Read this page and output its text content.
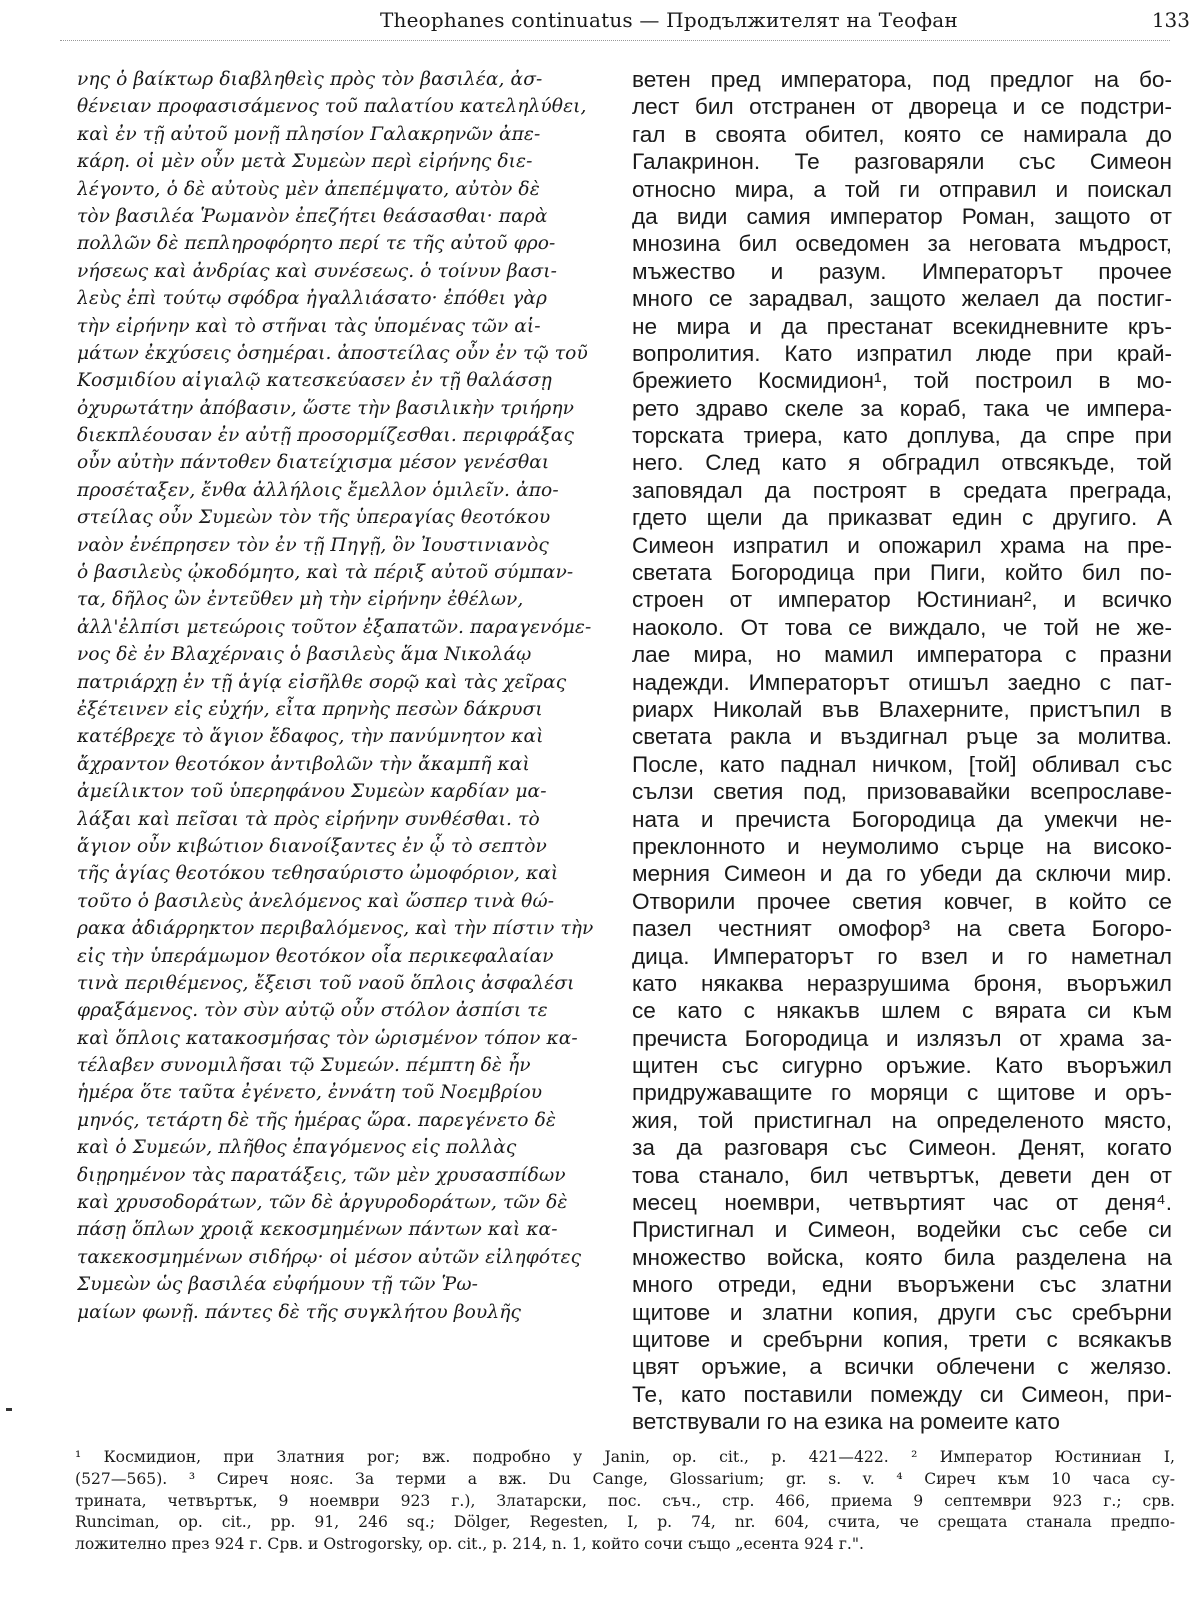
Theophanes continuatus — Продължителят на Теофан	133
νης ὁ βαίκτωρ διαβληθεὶς πρὸς τὸν βασιλέα, ἀσ-
θένειαν προφασισάμενος τοῦ παλατίου κατεληλύθει,
καὶ ἐν τῇ αὐτοῦ μονῇ πλησίον Γαλακρηνῶν ἀπε-
κάρη. οἱ μὲν οὖν μετὰ Συμεὼν περὶ εἰρήνης διε-
λέγοντο, ὁ δὲ αὐτοὺς μὲν ἀπεπέμψατο, αὐτὸν δὲ
τὸν βασιλέα Ῥωμανὸν ἐπεζήτει θεάσασθαι· παρὰ
πολλῶν δὲ πεπληροφόρητο περί τε τῆς αὐτοῦ φρο-
νήσεως καὶ ἀνδρίας καὶ συνέσεως. ὁ τοίνυν βασι-
λεὺς ἐπὶ τούτῳ σφόδρα ἠγαλλιάσατο· ἐπόθει γὰρ
τὴν εἰρήνην καὶ τὸ στῆναι τὰς ὑπομένας τῶν αἱ-
μάτων ἐκχύσεις ὁσημέραι. ἀποστείλας οὖν ἐν τῷ τοῦ
Κοσμιδίου αἰγιαλῷ κατεσκεύασεν ἐν τῇ θαλάσσῃ
ὀχυρωτάτην ἀπόβασιν, ὥστε τὴν βασιλικὴν τριήρην
διεκπλέουσαν ἐν αὐτῇ προσορμίζεσθαι. περιφράξας
οὖν αὐτὴν πάντοθεν διατείχισμα μέσον γενέσθαι
προσέταξεν, ἔνθα ἀλλήλοις ἔμελλον ὁμιλεῖν. ἀπο-
στείλας οὖν Συμεὼν τὸν τῆς ὑπεραγίας θεοτόκου
ναὸν ἐνέπρησεν τὸν ἐν τῇ Πηγῇ, ὃν Ἰουστινιανὸς
ὁ βασιλεὺς ᾠκοδόμητο, καὶ τὰ πέριξ αὐτοῦ σύμπαν-
τα, δῆλος ὢν ἐντεῦθεν μὴ τὴν εἰρήνην ἐθέλων,
ἀλλ'ἐλπίσι μετεώροις τοῦτον ἐξαπατῶν. παραγενόμε-
νος δὲ ἐν Βλαχέρναις ὁ βασιλεὺς ἅμα Νικολάῳ
πατριάρχῃ ἐν τῇ ἁγίᾳ εἰσῆλθε σορῷ καὶ τὰς χεῖρας
ἐξέτεινεν εἰς εὐχήν, εἶτα πρηνὴς πεσὼν δάκρυσι
κατέβρεχε τὸ ἅγιον ἔδαφος, τὴν πανύμνητον καὶ
ἄχραντον θεοτόκον ἀντιβολῶν τὴν ἄκαμπῆ καὶ
ἀμείλικτον τοῦ ὑπερηφάνου Συμεὼν καρδίαν μα-
λάξαι καὶ πεῖσαι τὰ πρὸς εἰρήνην συνθέσθαι. τὸ
ἅγιον οὖν κιβώτιον διανοίξαντες ἐν ᾧ τὸ σεπτὸν
τῆς ἁγίας θεοτόκου τεθησαύριστο ὠμοφόριον, καὶ
τοῦτο ὁ βασιλεὺς ἀνελόμενος καὶ ὥσπερ τινὰ θώ-
ρακα ἀδιάρρηκτον περιβαλόμενος, καὶ τὴν πίστιν τὴν
εἰς τὴν ὑπεράμωμον θεοτόκον οἷα περικεφαλαίαν
τινὰ περιθέμενος, ἔξεισι τοῦ ναοῦ ὅπλοις ἀσφαλέσι
φραξάμενος. τὸν σὺν αὐτῷ οὖν στόλον ἀσπίσι τε
καὶ ὅπλοις κατακοσμήσας τὸν ὡρισμένον τόπον κα-
τέλαβεν συνομιλῆσαι τῷ Συμεών. πέμπτη δὲ ἦν
ἡμέρα ὅτε ταῦτα ἐγένετο, ἐννάτη τοῦ Νοεμβρίου
μηνός, τετάρτη δὲ τῆς ἡμέρας ὥρα. παρεγένετο δὲ
καὶ ὁ Συμεών, πλῆθος ἐπαγόμενος εἰς πολλὰς
διῃρημένον τὰς παρατάξεις, τῶν μὲν χρυσασπίδων
καὶ χρυσοδοράτων, τῶν δὲ ἀργυροδοράτων, τῶν δὲ
πάσῃ ὅπλων χροιᾷ κεκοσμημένων πάντων καὶ κα-
τακεκοσμημένων σιδήρῳ· οἱ μέσον αὐτῶν εἰληφότες
Συμεὼν ὡς βασιλέα εὐφήμουν τῇ τῶν Ῥω-
μαίων φωνῇ. πάντες δὲ τῆς συγκλήτου βουλῆς
ветен пред императора, под предлог на бо-
лест бил отстранен от двореца и се подстри-
гал в своята обител, която се намирала до
Галакринон. Те разговаряли със Симеон
относно мира, а той ги отправил и поискал
да види самия император Роман, защото от
мнозина бил осведомен за неговата мъдрост,
мъжество и разум. Императорът прочее
много се зарадвал, защото желаел да постиг-
не мира и да престанат всекидневните кръ-
вопролития. Като изпратил люде при край-
брежието Космидион¹, той построил в мо-
рето здраво скеле за кораб, така че импера-
торската триера, като доплува, да спре при
него. След като я обградил отвсякъде, той
заповядал да построят в средата преграда,
гдето щели да приказват един с другиго. А
Симеон изпратил и опожарил храма на пре-
светата Богородица при Пиги, който бил по-
строен от император Юстиниан², и всичко
наоколо. От това се виждало, че той не же-
лае мира, но мамил императора с празни
надежди. Императорът отишъл заедно с пат-
риарх Николай във Влахерните, пристъпил в
светата ракла и въздигнал ръце за молитва.
После, като паднал ничком, [той] обливал със
сълзи светия под, призовавайки всепрославе-
ната и пречиста Богородица да умекчи не-
преклонното и неумолимо сърце на високо-
мерния Симеон и да го убеди да сключи мир.
Отворили прочее светия ковчег, в който се
пазел честният омофор³ на света Богоро-
дица. Императорът го взел и го наметнал
като някаква неразрушима броня, въоръжил
се като с някакъв шлем с вярата си към
пречиста Богородица и излязъл от храма за-
щитен със сигурно оръжие. Като въоръжил
придружаващите го моряци с щитове и оръ-
жия, той пристигнал на определеното място,
за да разговаря със Симеон. Денят, когато
това станало, бил четвъртък, девети ден от
месец ноември, четвъртият час от деня⁴.
Пристигнал и Симеон, водейки със себе си
множество войска, която била разделена на
много отреди, едни въоръжени със златни
щитове и златни копия, други със сребърни
щитове и сребърни копия, трети с всякакъв
цвят оръжие, а всички облечени с желязо.
Те, като поставили помежду си Симеон, при-
ветствували го на езика на ромеите като
¹ Космидион, при Златния рог; вж. подробно у Janin, op. cit., p. 421—422. ² Император Юстиниан I,
(527—565). ³ Сиреч нояс. За терми а вж. Du Cange, Glossarium; gr. s. v. ⁴ Сиреч към 10 часа су-
трината, четвъртък, 9 ноември 923 г.), Златарски, пос. съч., стр. 466, приема 9 септември 923 г.; срв.
Runciman, op. cit., pp. 91, 246 sq.; Dölger, Regesten, I, p. 74, nr. 604, счита, че срещата станала предпо-
ложително през 924 г. Срв. и Ostrogorsky, op. cit., p. 214, n. 1, който сочи също „есента 924 г.".
